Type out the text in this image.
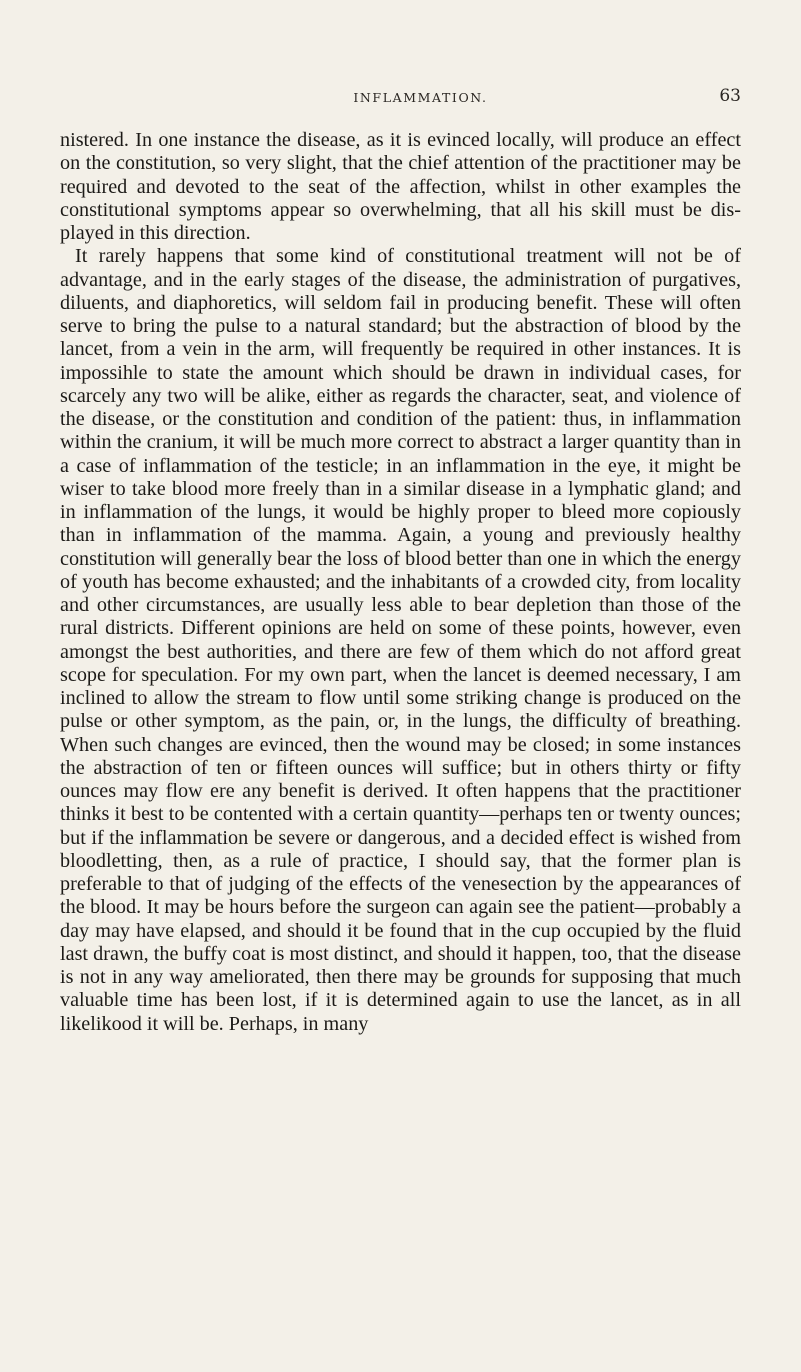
INFLAMMATION.	63

nistered. In one instance the disease, as it is evinced locally, will produce an effect on the constitution, so very slight, that the chief attention of the practitioner may be required and devoted to the seat of the affection, whilst in other examples the constitutional symptoms appear so overwhelming, that all his skill must be displayed in this direction.

It rarely happens that some kind of constitutional treatment will not be of advantage, and in the early stages of the disease, the administration of purgatives, diluents, and diaphoretics, will seldom fail in producing benefit. These will often serve to bring the pulse to a natural standard; but the abstraction of blood by the lancet, from a vein in the arm, will frequently be required in other instances. It is impossihle to state the amount which should be drawn in individual cases, for scarcely any two will be alike, either as regards the character, seat, and violence of the disease, or the constitution and condition of the patient: thus, in inflammation within the cranium, it will be much more correct to abstract a larger quantity than in a case of inflammation of the testicle; in an inflammation in the eye, it might be wiser to take blood more freely than in a similar disease in a lymphatic gland; and in inflammation of the lungs, it would be highly proper to bleed more copiously than in inflammation of the mamma. Again, a young and previously healthy constitution will generally bear the loss of blood better than one in which the energy of youth has become exhausted; and the inhabitants of a crowded city, from locality and other circumstances, are usually less able to bear depletion than those of the rural districts. Different opinions are held on some of these points, however, even amongst the best authorities, and there are few of them which do not afford great scope for speculation. For my own part, when the lancet is deemed necessary, I am inclined to allow the stream to flow until some striking change is produced on the pulse or other symptom, as the pain, or, in the lungs, the difficulty of breathing. When such changes are evinced, then the wound may be closed; in some instances the abstraction of ten or fifteen ounces will suffice; but in others thirty or fifty ounces may flow ere any benefit is derived. It often happens that the practitioner thinks it best to be contented with a certain quantity—perhaps ten or twenty ounces; but if the inflammation be severe or dangerous, and a decided effect is wished from bloodletting, then, as a rule of practice, I should say, that the former plan is preferable to that of judging of the effects of the venesection by the appearances of the blood. It may be hours before the surgeon can again see the patient—probably a day may have elapsed, and should it be found that in the cup occupied by the fluid last drawn, the buffy coat is most distinct, and should it happen, too, that the disease is not in any way ameliorated, then there may be grounds for supposing that much valuable time has been lost, if it is determined again to use the lancet, as in all likelikood it will be. Perhaps, in many
